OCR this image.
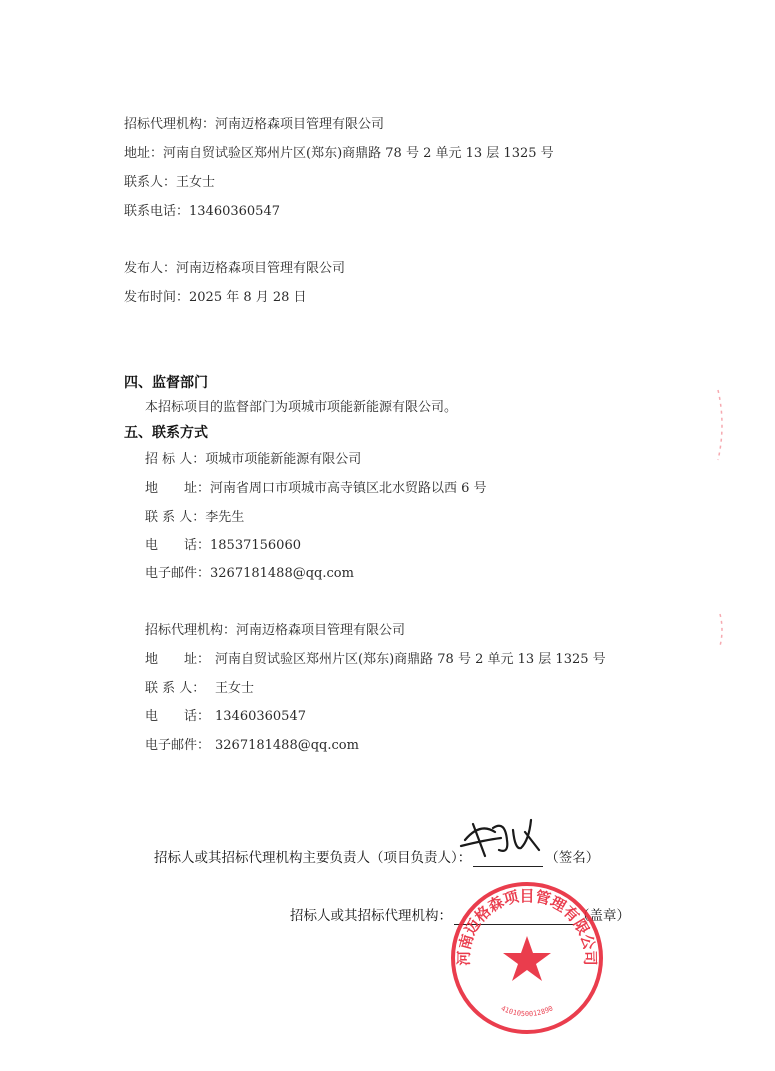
招标代理机构：河南迈格森项目管理有限公司
地址：河南自贸试验区郑州片区(郑东)商鼎路 78 号 2 单元 13 层 1325 号
联系人：王女士
联系电话：13460360547
发布人：河南迈格森项目管理有限公司
发布时间：2025 年 8 月 28 日
四、监督部门
本招标项目的监督部门为项城市项能新能源有限公司。
五、联系方式
招 标 人：项城市项能新能源有限公司
地　　址：河南省周口市项城市高寺镇区北水贸路以西 6 号
联 系 人：李先生
电　　话：18537156060
电子邮件：3267181488@qq.com
招标代理机构：河南迈格森项目管理有限公司
地　　址： 河南自贸试验区郑州片区(郑东)商鼎路 78 号 2 单元 13 层 1325 号
联 系 人： 王女士
电　　话： 13460360547
电子邮件： 3267181488@qq.com
招标人或其招标代理机构主要负责人（项目负责人）：	（签名）
招标人或其招标代理机构：	（盖章）
河南迈格森项目管理有限公司
4101050012890
